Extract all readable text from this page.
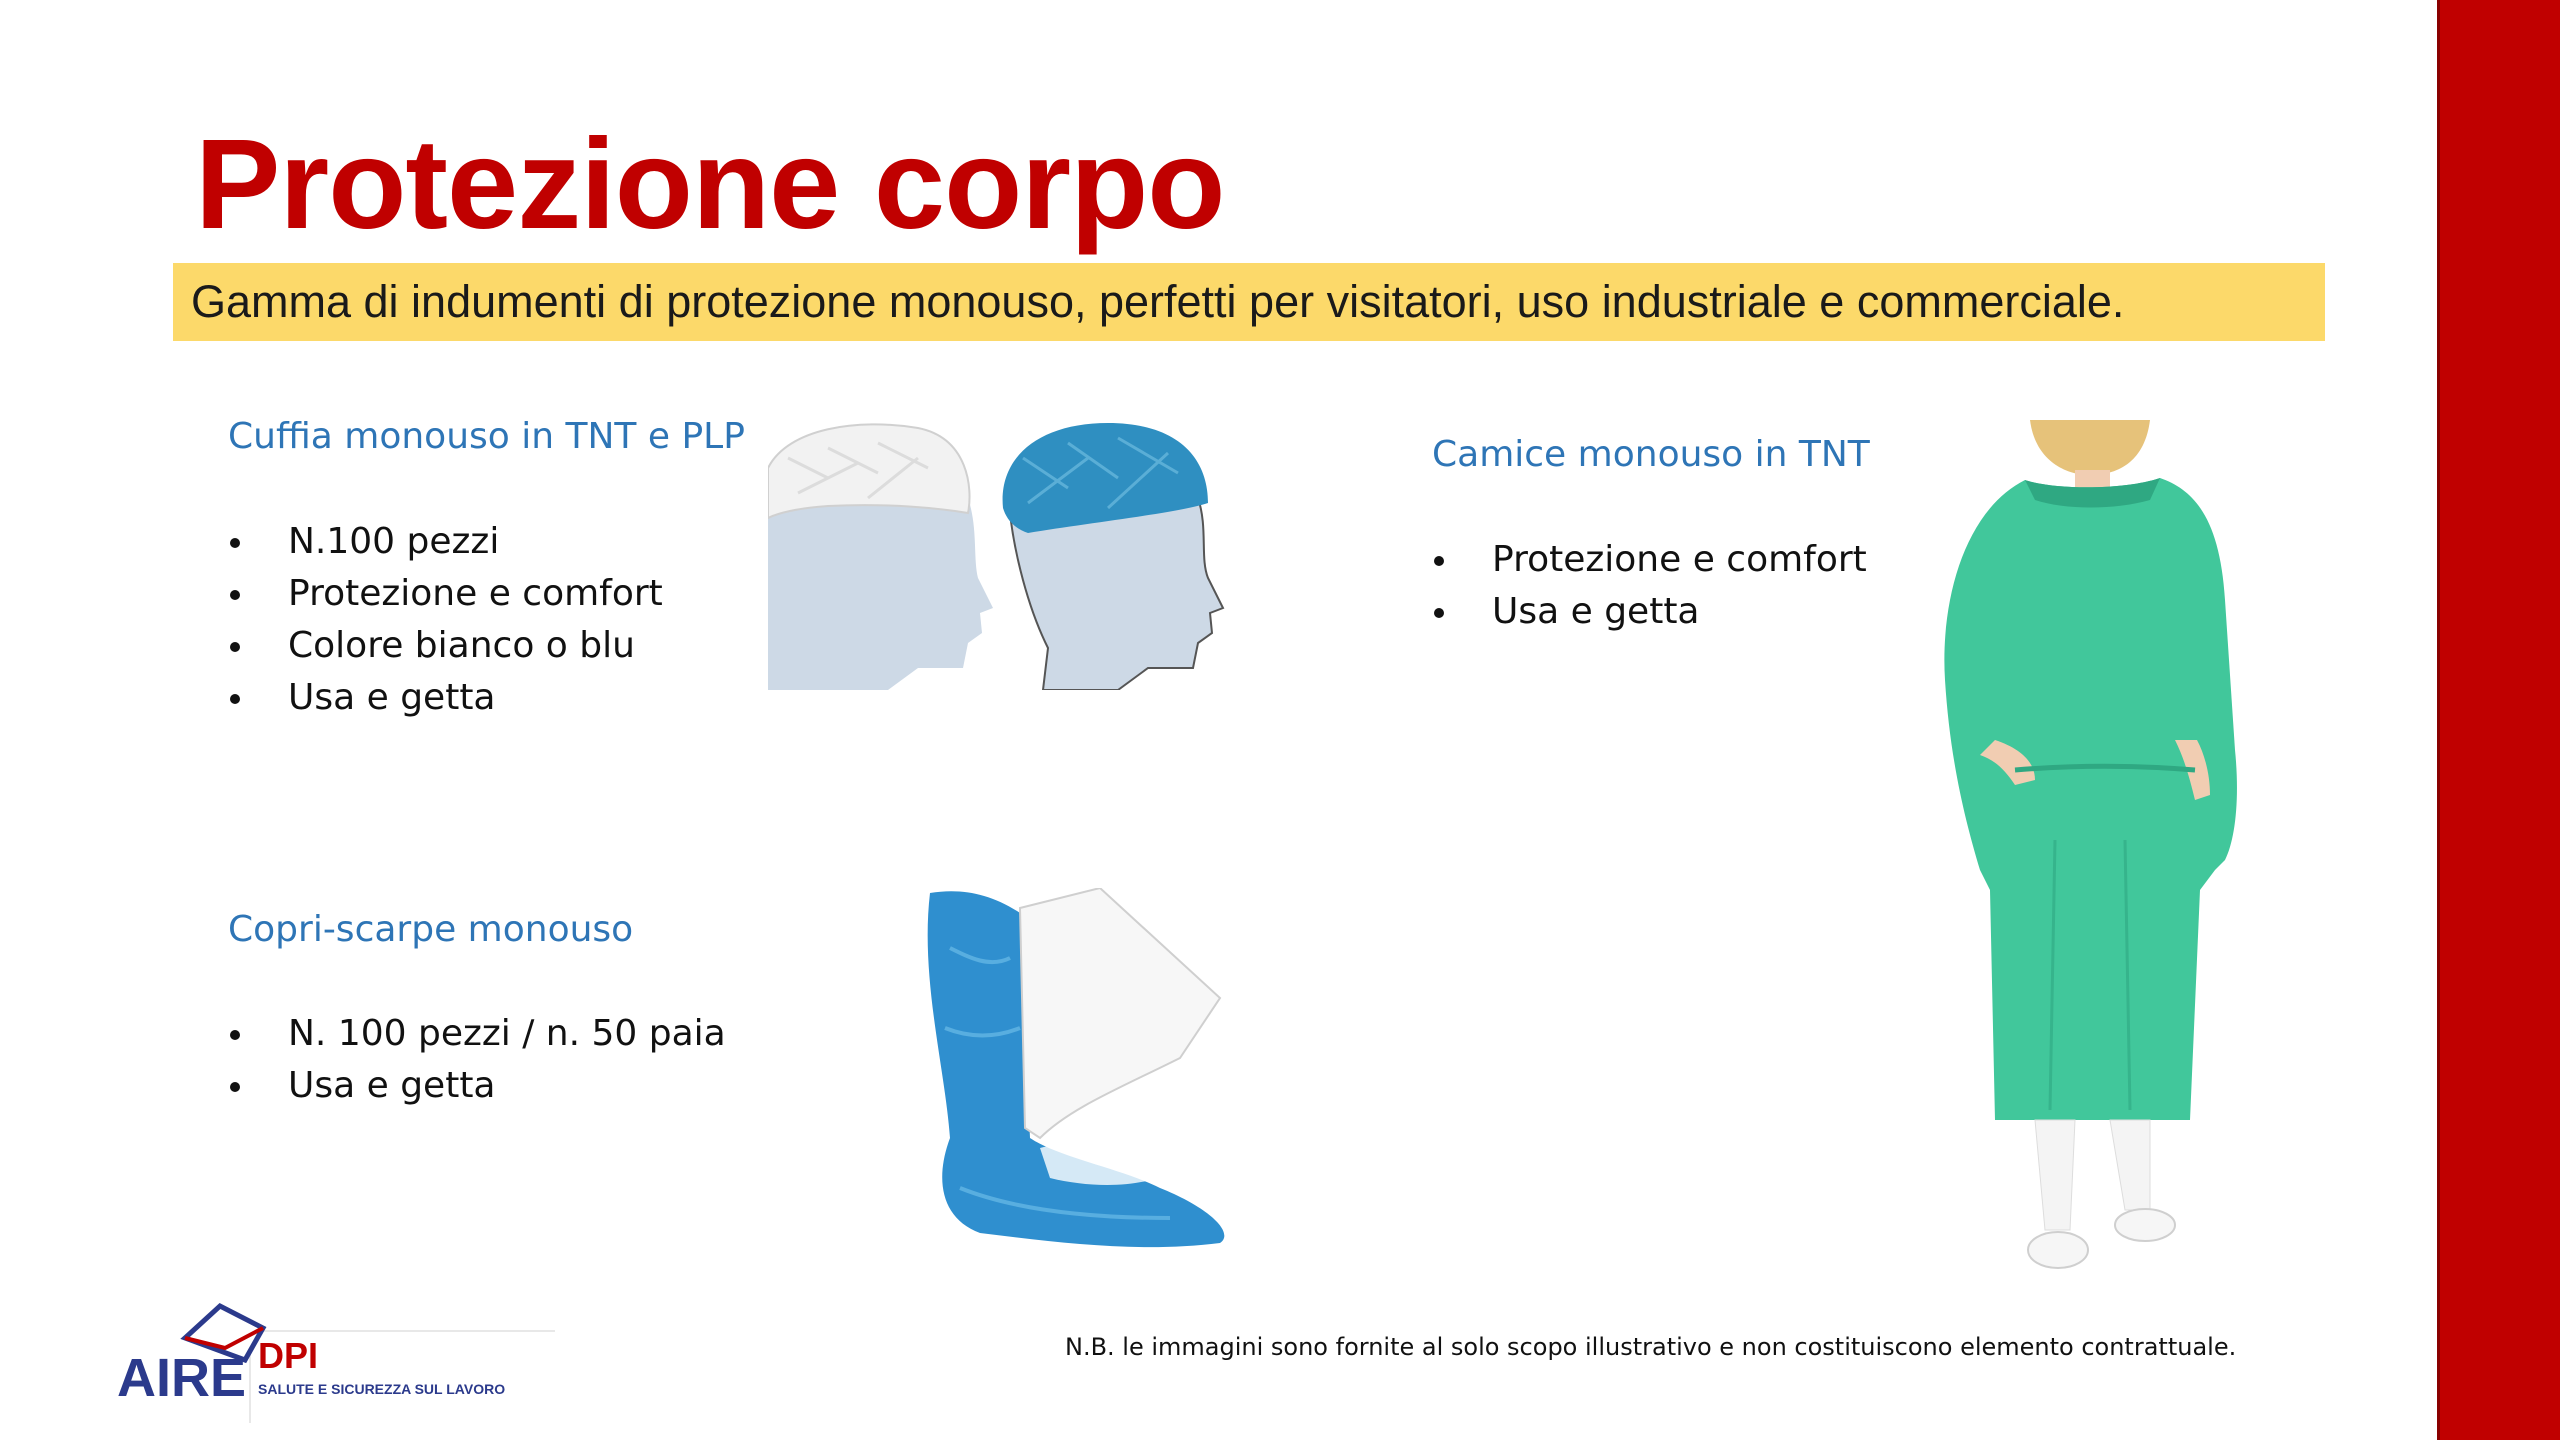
Protezione corpo
Gamma di indumenti di protezione monouso, perfetti per visitatori, uso industriale e commerciale.
Cuffia monouso in TNT e PLP
N.100 pezzi
Protezione e comfort
Colore bianco o blu
Usa e getta
Copri-scarpe monouso
N. 100 pezzi / n. 50 paia
Usa e getta
Camice monouso in TNT
Protezione e comfort
Usa e getta
N.B. le immagini sono fornite al solo scopo illustrativo e non costituiscono elemento contrattuale.
AIRE DPI
SALUTE E SICUREZZA SUL LAVORO
